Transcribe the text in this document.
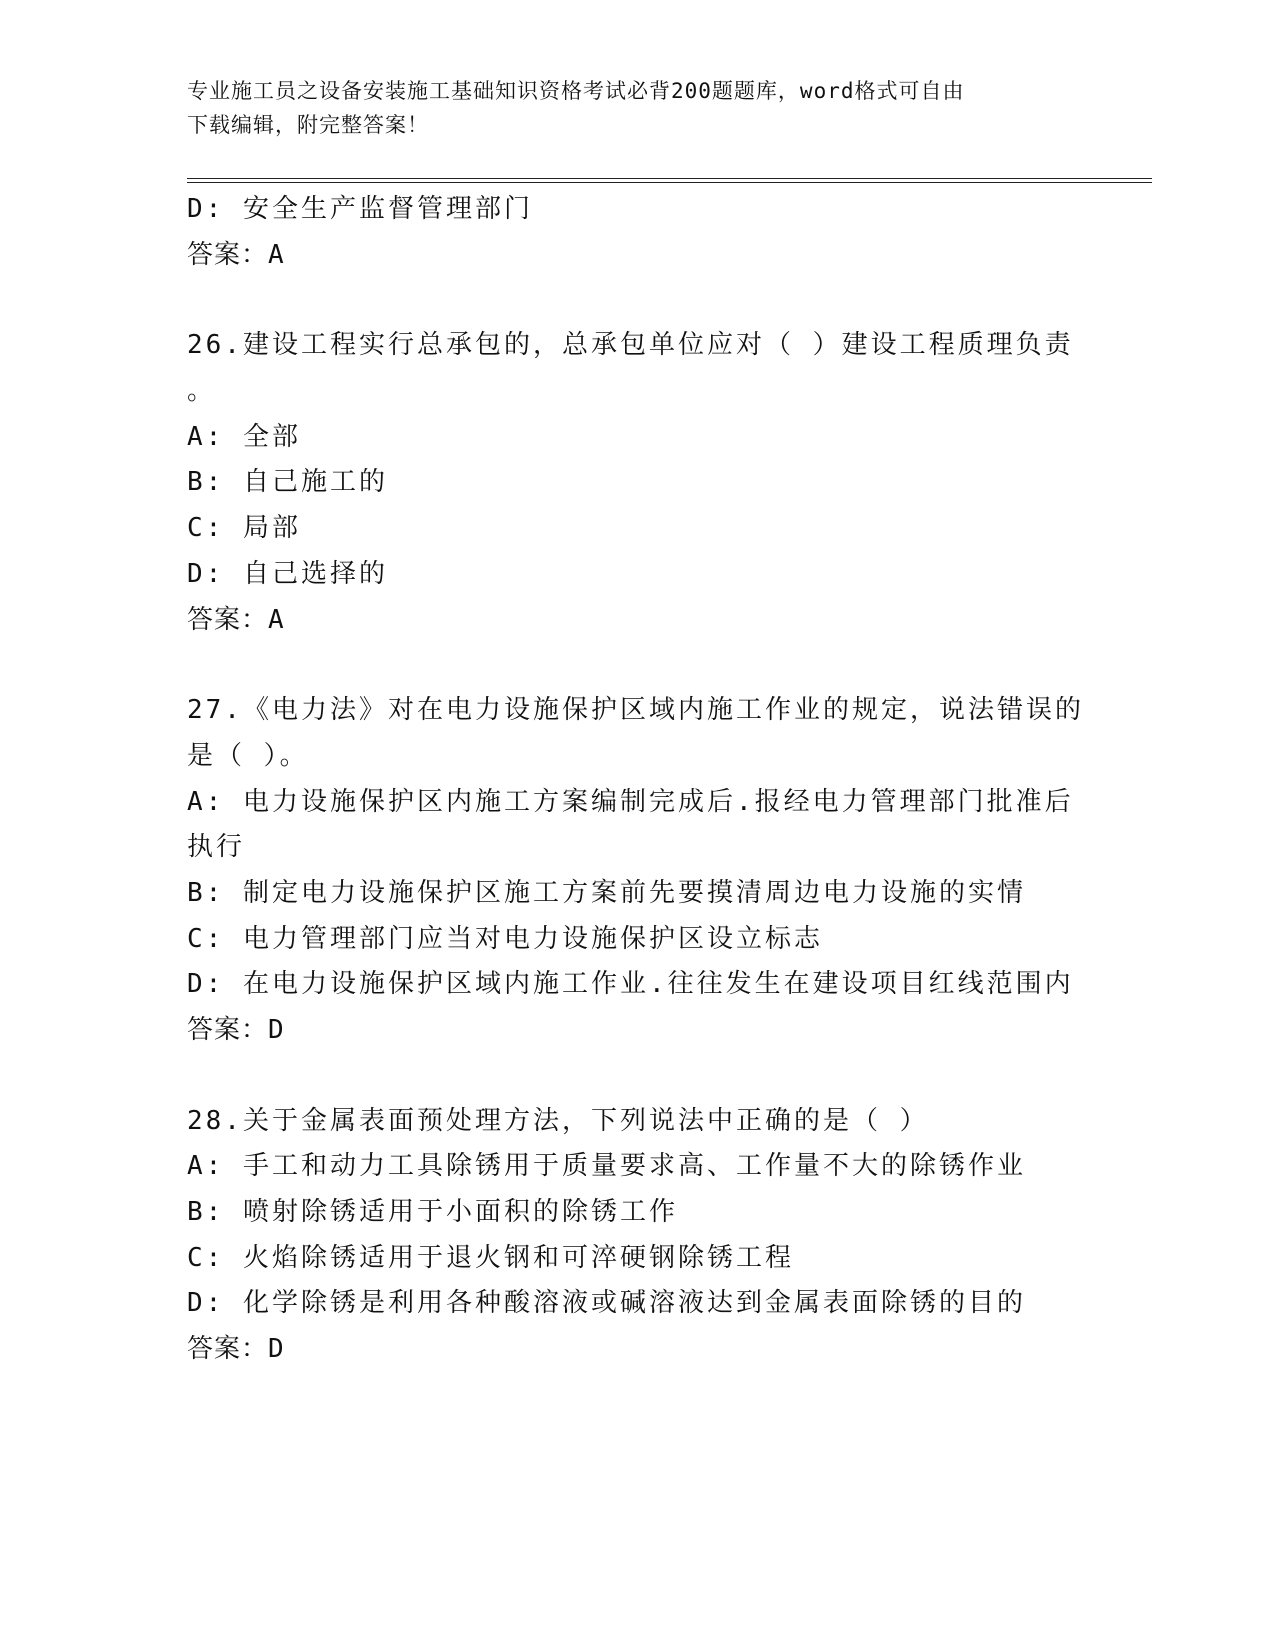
专业施工员之设备安装施工基础知识资格考试必背200题题库，word格式可自由
下载编辑，附完整答案！
D: 安全生产监督管理部门
答案：A
26.建设工程实行总承包的，总承包单位应对（ ）建设工程质理负责
。
A: 全部
B: 自己施工的
C: 局部
D: 自己选择的
答案：A
27.《电力法》对在电力设施保护区域内施工作业的规定，说法错误的
是（ ）。
A: 电力设施保护区内施工方案编制完成后.报经电力管理部门批准后
执行
B: 制定电力设施保护区施工方案前先要摸清周边电力设施的实情
C: 电力管理部门应当对电力设施保护区设立标志
D: 在电力设施保护区域内施工作业.往往发生在建设项目红线范围内
答案：D
28.关于金属表面预处理方法，下列说法中正确的是（ ）
A: 手工和动力工具除锈用于质量要求高、工作量不大的除锈作业
B: 喷射除锈适用于小面积的除锈工作
C: 火焰除锈适用于退火钢和可淬硬钢除锈工程
D: 化学除锈是利用各种酸溶液或碱溶液达到金属表面除锈的目的
答案：D
